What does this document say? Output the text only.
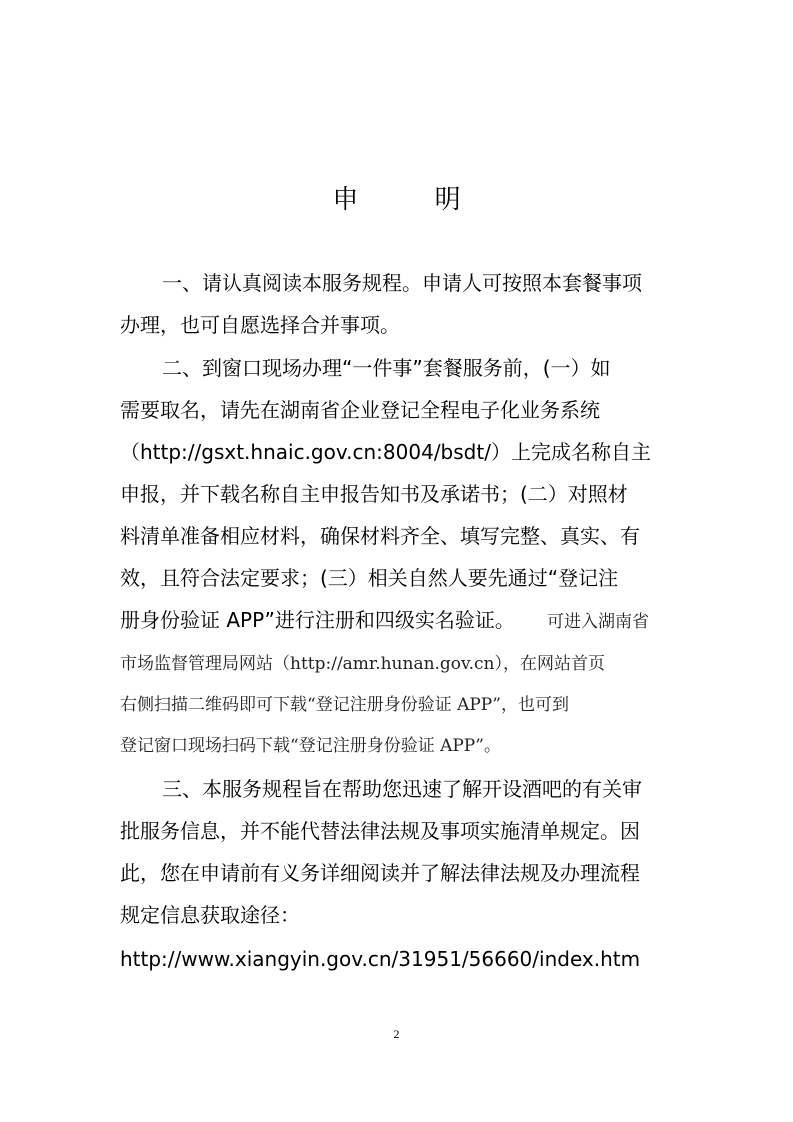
申 明
一、请认真阅读本服务规程。申请人可按照本套餐事项
办理，也可自愿选择合并事项。
二、到窗口现场办理“一件事”套餐服务前，(一）如
需要取名，请先在湖南省企业登记全程电子化业务系统
（http://gsxt.hnaic.gov.cn:8004/bsdt/）上完成名称自主
申报，并下载名称自主申报告知书及承诺书；(二）对照材
料清单准备相应材料，确保材料齐全、填写完整、真实、有
效，且符合法定要求；(三）相关自然人要先通过“登记注
册身份验证 APP”进行注册和四级实名验证。 可进入湖南省
市场监督管理局网站（http://amr.hunan.gov.cn），在网站首页
右侧扫描二维码即可下载“登记注册身份验证 APP”，也可到
登记窗口现场扫码下载“登记注册身份验证 APP”。
三、本服务规程旨在帮助您迅速了解开设酒吧的有关审
批服务信息，并不能代替法律法规及事项实施清单规定。因
此，您在申请前有义务详细阅读并了解法律法规及办理流程
规定信息获取途径：
http://www.xiangyin.gov.cn/31951/56660/index.htm
2
